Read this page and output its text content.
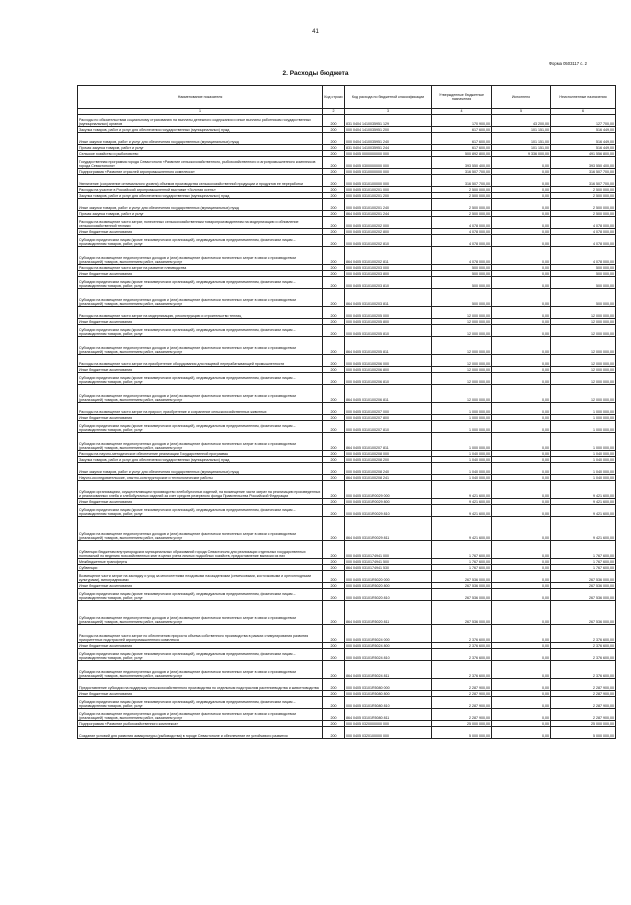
41
Форма 0503117 с. 2
2. Расходы бюджета
Наименование показателя	Код строки	Код расхода по бюджетной классификации	Утвержденные бюджетные назначения	Исполнено	Неисполненные назначения
1	2	3	4	5	6
Расходы по обязательствам социальному страхованию на выплаты денежного содержания и иные выплаты работникам государственных (муниципальных) органов	200	831 0404 1410035951 129	170 900,00	43 200,00	127 700,00
Закупка товаров, работ и услуг для обеспечения государственных (муниципальных) нужд	200	000 0404 1410035951 200	617 600,00	101 151,00	516 449,00
Иные закупки товаров, работ и услуг для обеспечения государственных (муниципальных) нужд	200	000 0404 1410035951 240	617 600,00	101 151,00	516 449,00
Прочая закупка товаров, работ и услуг	200	831 0404 1410035951 244	617 600,00	101 151,00	516 449,00
Сельское хозяйство и рыболовство	200	000 0405 0000000000 000	500 892 800,00	9 336 000,00	491 556 800,00
Государственная программа города Севастополя «Развитие сельскохозяйственного, рыбохозяйственного и агропромышленного комплексов города Севастополя»	200	000 0405 0300000000 000	393 550 400,00	0,00	393 550 400,00
Подпрограмма «Развитие отраслей агропромышленного комплекса»	200	000 0405 0310000000 000	316 507 700,00	0,00	316 507 700,00
Увеличение (сохранение оптимального уровня) объемов производства сельскохозяйственной продукции и продуктов ее переработки	200	000 0405 0310100000 000	316 507 700,00	0,00	316 507 700,00
Расходы на участие в Российской агропромышленной выставке «Золотая осень»	200	000 0405 0310100201 000	2 500 000,00	0,00	2 500 000,00
Закупка товаров, работ и услуг для обеспечения государственных (муниципальных) нужд	200	000 0405 0310100201 200	2 500 000,00	0,00	2 500 000,00
Иные закупки товаров, работ и услуг для обеспечения государственных (муниципальных) нужд	200	000 0405 0310100201 240	2 500 000,00	0,00	2 500 000,00
Прочая закупка товаров, работ и услуг	200	864 0405 0310100201 244	2 500 000,00	0,00	2 500 000,00
Расходы на возмещение части затрат, понесенных сельскохозяйственным товаропроизводителям на модернизацию и обновление сельскохозяйственной техники	200	000 0405 0310100202 000	4 078 000,00	0,00	4 078 000,00
Иные бюджетные ассигнования	200	000 0405 0310100202 800	4 078 000,00	0,00	4 078 000,00
Субсидии юридическим лицам (кроме некоммерческих организаций), индивидуальным предпринимателям, физическим лицам – производителям товаров, работ, услуг	200	000 0405 0310100202 810	4 078 000,00	0,00	4 078 000,00
Субсидии на возмещение недополученных доходов и (или) возмещение фактически понесенных затрат в связи с производством (реализацией) товаров, выполнением работ, оказанием услуг	200	864 0405 0310100202 811	4 078 000,00	0,00	4 078 000,00
Расходы на возмещение части затрат на развитие племводства	200	000 0405 0310100203 000	500 000,00	0,00	500 000,00
Иные бюджетные ассигнования	200	000 0405 0310100203 800	500 000,00	0,00	500 000,00
Субсидии юридическим лицам (кроме некоммерческих организаций), индивидуальным предпринимателям, физическим лицам – производителям товаров, работ, услуг	200	000 0405 0310100203 810	500 000,00	0,00	500 000,00
Субсидии на возмещение недополученных доходов и (или) возмещение фактически понесенных затрат в связи с производством (реализацией) товаров, выполнением работ, оказанием услуг	200	864 0405 0310100203 811	500 000,00	0,00	500 000,00
Расходы на возмещение части затрат на модернизацию, реконструкцию и строительство теплиц	200	000 0405 0310100205 000	12 000 000,00	0,00	12 000 000,00
Иные бюджетные ассигнования	200	000 0405 0310100205 800	12 000 000,00	0,00	12 000 000,00
Субсидии юридическим лицам (кроме некоммерческих организаций), индивидуальным предпринимателям, физическим лицам – производителям товаров, работ, услуг	200	000 0405 0310100205 810	12 000 000,00	0,00	12 000 000,00
Субсидии на возмещение недополученных доходов и (или) возмещение фактически понесенных затрат в связи с производством (реализацией) товаров, выполнением работ, оказанием услуг	200	864 0405 0310100205 811	12 000 000,00	0,00	12 000 000,00
Расходы на возмещение части затрат на приобретение оборудования для пищевой перерабатывающей промышленности	200	000 0405 0310100206 000	12 000 000,00	0,00	12 000 000,00
Иные бюджетные ассигнования	200	000 0405 0310100206 800	12 000 000,00	0,00	12 000 000,00
Субсидии юридическим лицам (кроме некоммерческих организаций), индивидуальным предпринимателям, физическим лицам – производителям товаров, работ, услуг	200	000 0405 0310100206 810	12 000 000,00	0,00	12 000 000,00
Субсидии на возмещение недополученных доходов и (или) возмещение фактически понесенных затрат в связи с производством (реализацией) товаров, выполнением работ, оказанием услуг	200	864 0405 0310100206 811	12 000 000,00	0,00	12 000 000,00
Расходы на возмещение части затрат на прирост, приобретение и сохранение сельскохозяйственных животных	200	000 0405 0310100207 000	1 000 000,00	0,00	1 000 000,00
Иные бюджетные ассигнования	200	000 0405 0310100207 800	1 000 000,00	0,00	1 000 000,00
Субсидии юридическим лицам (кроме некоммерческих организаций), индивидуальным предпринимателям, физическим лицам – производителям товаров, работ, услуг	200	000 0405 0310100207 810	1 000 000,00	0,00	1 000 000,00
Субсидии на возмещение недополученных доходов и (или) возмещение фактически понесенных затрат в связи с производством (реализацией) товаров, выполнением работ, оказанием услуг	200	864 0405 0310100207 811	1 000 000,00	0,00	1 000 000,00
Расходы на научно-методическое обеспечение реализации Государственной программы	200	000 0405 0310100208 000	1 040 000,00	0,00	1 040 000,00
Закупка товаров, работ и услуг для обеспечения государственных (муниципальных) нужд	200	000 0405 0310100208 200	1 040 000,00	0,00	1 040 000,00
Иные закупки товаров, работ и услуг для обеспечения государственных (муниципальных) нужд	200	000 0405 0310100208 240	1 040 000,00	0,00	1 040 000,00
Научно-исследовательские, опытно-конструкторские и технологические работы	200	864 0405 0310100208 241	1 040 000,00	0,00	1 040 000,00
Субсидии организациям, осуществляющим производство хлебобулочных изделий, на возмещение части затрат на реализацию произведенных и реализованных хлеба и хлебобулочных изделий за счет средств резервного фонда Правительства Российской Федерации	200	000 0405 03101R0029 000	9 421 600,00	0,00	9 421 600,00
Иные бюджетные ассигнования	200	000 0405 03101R0029 800	9 421 600,00	0,00	9 421 600,00
Субсидии юридическим лицам (кроме некоммерческих организаций), индивидуальным предпринимателям, физическим лицам – производителям товаров, работ, услуг	200	000 0405 03101R0029 810	9 421 600,00	0,00	9 421 600,00
Субсидии на возмещение недополученных доходов и (или) возмещение фактически понесенных затрат в связи с производством (реализацией) товаров, выполнением работ, оказанием услуг	200	864 0405 03101R0029 811	9 421 600,00	0,00	9 421 600,00
Субвенции бюджетам внутригородских муниципальных образований города Севастополя для реализации отдельных государственных полномочий по ведению похозяйственных книг в целях учета личных подсобных хозяйств, предоставление выписки из них	200	000 0405 0310174941 000	1 767 600,00	0,00	1 767 600,00
Межбюджетные трансферты	200	000 0405 0310174941 500	1 767 600,00	0,00	1 767 600,00
Субвенции	200	864 0405 0310174941 530	1 767 600,00	0,00	1 767 600,00
Возмещение части затрат на закладку и уход за многолетними плодовыми насаждениями (семечковыми, косточковыми и орехоплодными культурами), виноградниками	200	000 0405 03101R5020 000	267 536 000,00	0,00	267 536 000,00
Иные бюджетные ассигнования	200	000 0405 03101R5020 800	267 536 000,00	0,00	267 536 000,00
Субсидии юридическим лицам (кроме некоммерческих организаций), индивидуальным предпринимателям, физическим лицам – производителям товаров, работ, услуг	200	000 0405 03101R5020 810	267 536 000,00	0,00	267 536 000,00
Субсидии на возмещение недополученных доходов и (или) возмещение фактически понесенных затрат в связи с производством (реализацией) товаров, выполнением работ, оказанием услуг	200	864 0405 03101R5020 811	267 536 000,00	0,00	267 536 000,00
Расходы на возмещение части затрат по обеспечению прироста объема собственного производства в рамках стимулирования развития приоритетных подотраслей агропромышленного комплекса	200	000 0405 03101R5024 000	2 376 600,00	0,00	2 376 600,00
Иные бюджетные ассигнования	200	000 0405 03101R5024 800	2 376 600,00	0,00	2 376 600,00
Субсидии юридическим лицам (кроме некоммерческих организаций), индивидуальным предпринимателям, физическим лицам – производителям товаров, работ, услуг	200	000 0405 03101R5024 810	2 376 600,00	0,00	2 376 600,00
Субсидии на возмещение недополученных доходов и (или) возмещение фактически понесенных затрат в связи с производством (реализацией) товаров, выполнением работ, оказанием услуг	200	864 0405 03101R5024 811	2 376 600,00	0,00	2 376 600,00
Предоставление субсидии на поддержку сельскохозяйственного производства по отдельным подотраслям растениеводства и животноводства	200	000 0405 03101R5080 000	2 287 900,00	0,00	2 287 900,00
Иные бюджетные ассигнования	200	000 0405 03101R5080 800	2 287 900,00	0,00	2 287 900,00
Субсидии юридическим лицам (кроме некоммерческих организаций), индивидуальным предпринимателям, физическим лицам – производителям товаров, работ, услуг	200	000 0405 03101R5080 810	2 287 900,00	0,00	2 287 900,00
Субсидии на возмещение недополученных доходов и (или) возмещение фактически понесенных затрат в связи с производством (реализацией) товаров, выполнением работ, оказанием услуг	200	864 0405 03101R5080 811	2 287 900,00	0,00	2 287 900,00
Подпрограмма «Развитие рыбохозяйственного комплекса»	200	000 0405 0320000000 000	25 000 000,00	0,00	25 000 000,00
Создание условий для развития аквакультуры (рыбоводства) в городе Севастополе и обеспечение ее устойчивого развития	200	000 0405 0320100000 000	5 000 000,00	0,00	5 000 000,00
